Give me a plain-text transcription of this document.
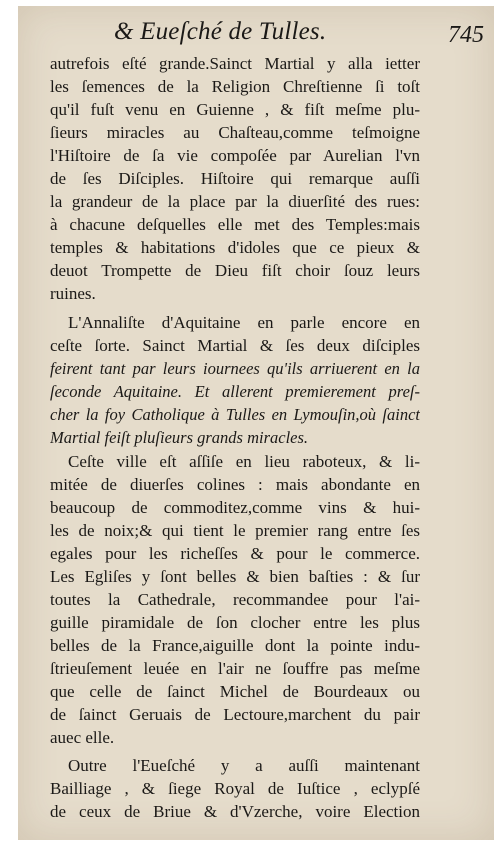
& Eueſché de Tulles.	745
autrefois eſté grande.Sainct Martial y alla ietter
les ſemences de la Religion Chreſtienne ſi toſt
qu'il fuſt venu en Guienne , & fiſt meſme plu-
ſieurs miracles au Chaſteau,comme teſmoigne
l'Hiſtoire de ſa vie compoſée par Aurelian l'vn
de ſes Diſciples. Hiſtoire qui remarque auſſi
la grandeur de la place par la diuerſité des rues:
à chacune deſquelles elle met des Temples:mais
temples & habitations d'idoles que ce pieux &
deuot Trompette de Dieu fiſt choir ſouz leurs
ruines.
L'Annaliſte d'Aquitaine en parle encore en
ceſte ſorte. Sainct Martial & ſes deux diſciples
feirent tant par leurs iournees qu'ils arriuerent en la
ſeconde Aquitaine. Et allerent premierement preſ-
cher la foy Catholique à Tulles en Lymouſin,où ſainct
Martial feiſt pluſieurs grands miracles.
Ceſte ville eſt aſſiſe en lieu raboteux, & li-
mitée de diuerſes colines : mais abondante en
beaucoup de commoditez,comme vins & hui-
les de noix;& qui tient le premier rang entre ſes
egales pour les richeſſes & pour le commerce.
Les Egliſes y ſont belles & bien baſties : & ſur
toutes la Cathedrale, recommandee pour l'ai-
guille piramidale de ſon clocher entre les plus
belles de la France,aiguille dont la pointe indu-
ſtrieuſement leuée en l'air ne ſouffre pas meſme
que celle de ſainct Michel de Bourdeaux ou
de ſainct Geruais de Lectoure,marchent du pair
auec elle.
Outre l'Eueſché y a auſſi maintenant
Bailliage , & ſiege Royal de Iuſtice , eclypſé
de ceux de Briue & d'Vzerche, voire Election
